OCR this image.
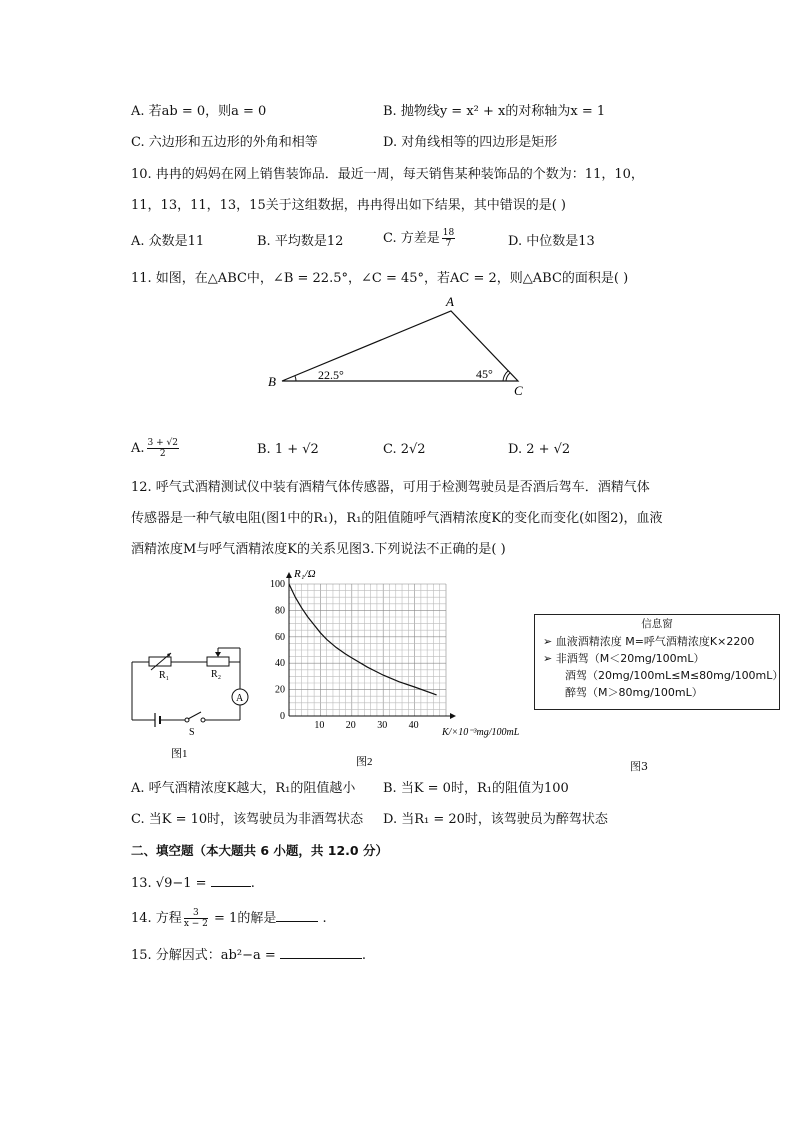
A. 若ab = 0，则a = 0	B. 抛物线y = x² + x的对称轴为x = 1
C. 六边形和五边形的外角和相等	D. 对角线相等的四边形是矩形
10. 冉冉的妈妈在网上销售装饰品．最近一周，每天销售某种装饰品的个数为：11，10，
11，13，11，13，15关于这组数据，冉冉得出如下结果，其中错误的是( )
A. 众数是11	B. 平均数是12	C. 方差是 $\frac{18}{7}$	D. 中位数是13
11. 如图，在△ABC中，∠B = 22.5°，∠C = 45°，若AC = 2，则△ABC的面积是( )
A
B
C
22.5°	45°
A. $\frac{3 + √2}{2}$	B. 1 + √2	C. 2√2	D. 2 + √2
12. 呼气式酒精测试仪中装有酒精气体传感器，可用于检测驾驶员是否酒后驾车．酒精气体
传感器是一种气敏电阻(图1中的R₁)，R₁的阻值随呼气酒精浓度K的变化而变化(如图2)，血液
酒精浓度M与呼气酒精浓度K的关系见图3.下列说法不正确的是( )
R₁	R₂
A
S
图1
10 20 30 40
0
20
40
60
80
100
R₁/Ω
K/×10⁻³mg/100mL
图2
信息窗
➢ 血液酒精浓度 M=呼气酒精浓度K×2200
➢ 非酒驾（M＜20mg/100mL）
酒驾（20mg/100mL≤M≤80mg/100mL）
醉驾（M＞80mg/100mL）
图3
A. 呼气酒精浓度K越大，R₁的阻值越小 B. 当K = 0时，R₁的阻值为100
C. 当K = 10时，该驾驶员为非酒驾状态 D. 当R₁ = 20时，该驾驶员为醉驾状态
二、填空题（本大题共 6 小题，共 12.0 分）
13. √9−1 =	.
14. 方程 $\frac{3}{x - 2} = 1$的解是	.
15. 分解因式：ab²−a =	.
